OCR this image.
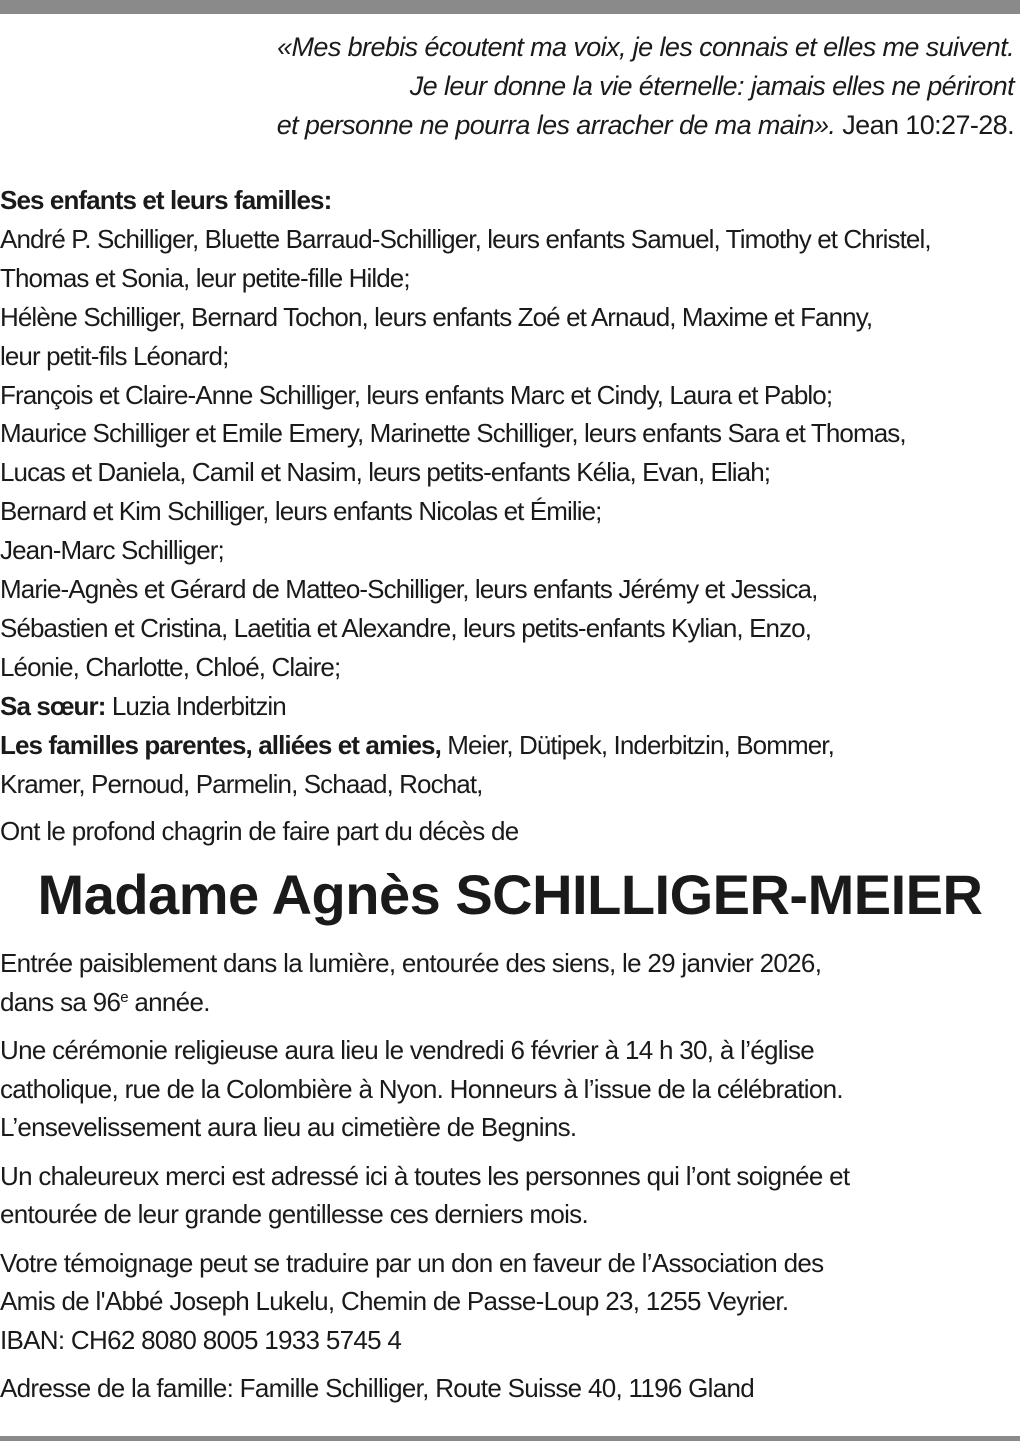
«Mes brebis écoutent ma voix, je les connais et elles me suivent.
Je leur donne la vie éternelle: jamais elles ne périront
et personne ne pourra les arracher de ma main». Jean 10:27-28.
Ses enfants et leurs familles:
André P. Schilliger, Bluette Barraud-Schilliger, leurs enfants Samuel, Timothy et Christel,
Thomas et Sonia, leur petite-fille Hilde;
Hélène Schilliger, Bernard Tochon, leurs enfants Zoé et Arnaud, Maxime et Fanny,
leur petit-fils Léonard;
François et Claire-Anne Schilliger, leurs enfants Marc et Cindy, Laura et Pablo;
Maurice Schilliger et Emile Emery, Marinette Schilliger, leurs enfants Sara et Thomas,
Lucas et Daniela, Camil et Nasim, leurs petits-enfants Kélia, Evan, Eliah;
Bernard et Kim Schilliger, leurs enfants Nicolas et Émilie;
Jean-Marc Schilliger;
Marie-Agnès et Gérard de Matteo-Schilliger, leurs enfants Jérémy et Jessica,
Sébastien et Cristina, Laetitia et Alexandre, leurs petits-enfants Kylian, Enzo,
Léonie, Charlotte, Chloé, Claire;
Sa sœur: Luzia Inderbitzin
Les familles parentes, alliées et amies, Meier, Dütipek, Inderbitzin, Bommer,
Kramer, Pernoud, Parmelin, Schaad, Rochat,
Ont le profond chagrin de faire part du décès de
Madame Agnès SCHILLIGER-MEIER
Entrée paisiblement dans la lumière, entourée des siens, le 29 janvier 2026,
dans sa 96e année.
Une cérémonie religieuse aura lieu le vendredi 6 février à 14 h 30, à l’église
catholique, rue de la Colombière à Nyon. Honneurs à l’issue de la célébration.
L’ensevelissement aura lieu au cimetière de Begnins.
Un chaleureux merci est adressé ici à toutes les personnes qui l’ont soignée et
entourée de leur grande gentillesse ces derniers mois.
Votre témoignage peut se traduire par un don en faveur de l’Association des
Amis de l'Abbé Joseph Lukelu, Chemin de Passe-Loup 23, 1255 Veyrier.
IBAN: CH62 8080 8005 1933 5745 4
Adresse de la famille: Famille Schilliger, Route Suisse 40, 1196 Gland
